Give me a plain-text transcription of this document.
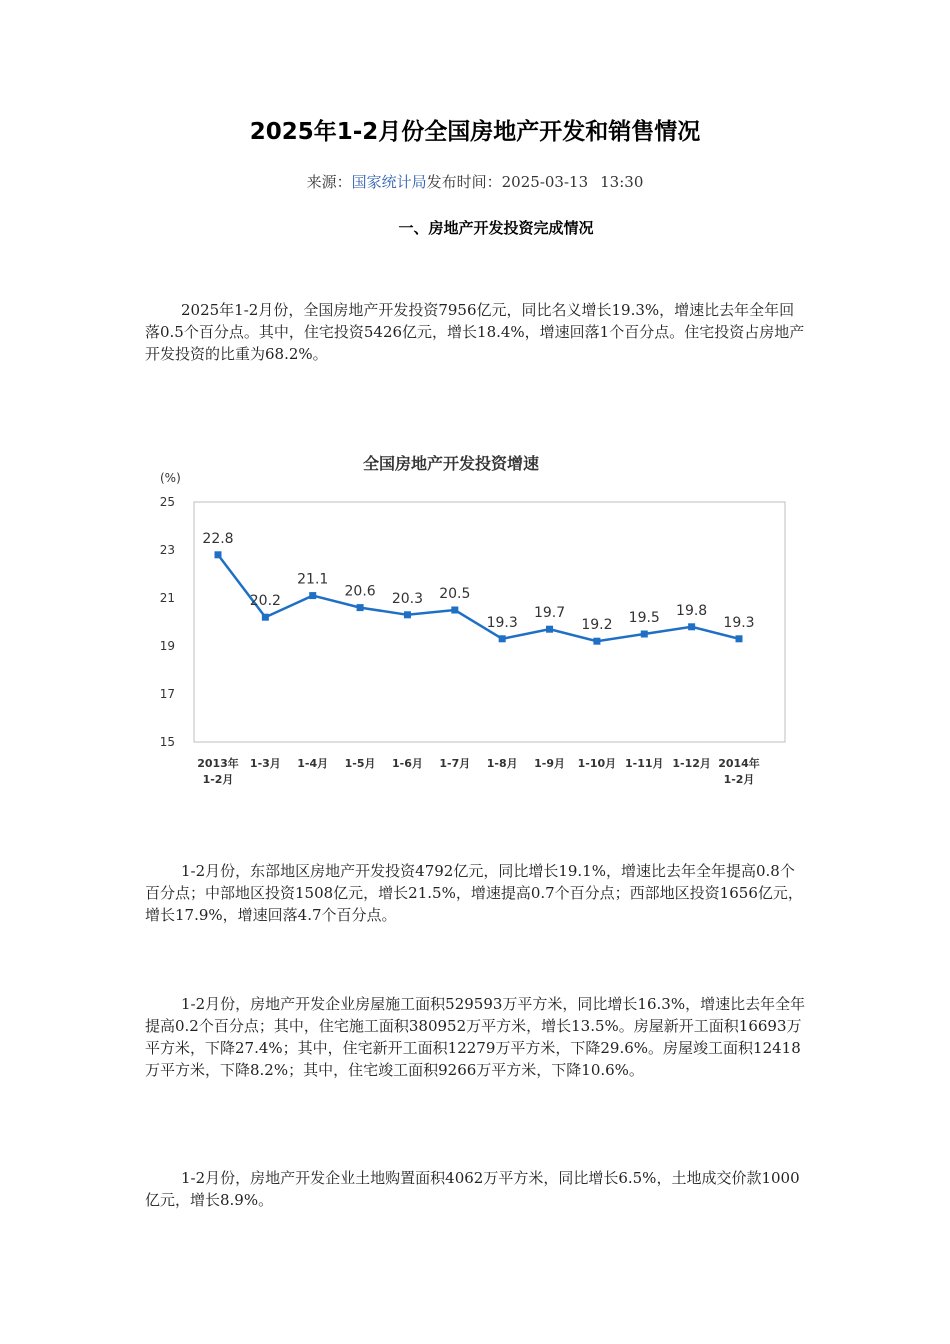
2025年1-2月份全国房地产开发和销售情况
来源：国家统计局发布时间：2025-03-13 13:30
一、房地产开发投资完成情况

2025年1-2月份，全国房地产开发投资7956亿元，同比名义增长19.3%，增速比去年全年回落0.5个百分点。其中，住宅投资5426亿元，增长18.4%，增速回落1个百分点。住宅投资占房地产开发投资的比重为68.2%。

全国房地产开发投资增速
(%)
15
17
19
21
23
25
2013年 1-2月
1-3月 1-4月 1-5月 1-6月 1-7月 1-8月 1-9月 1-10月 1-11月 1-12月 2014年 1-2月
22.8
20.2
21.1
20.6 20.3 20.5
19.3
19.7
19.2 19.5 19.8
19.3

1-2月份，东部地区房地产开发投资4792亿元，同比增长19.1%，增速比去年全年提高0.8个百分点；中部地区投资1508亿元，增长21.5%，增速提高0.7个百分点；西部地区投资1656亿元，增长17.9%，增速回落4.7个百分点。

1-2月份，房地产开发企业房屋施工面积529593万平方米，同比增长16.3%，增速比去年全年提高0.2个百分点；其中，住宅施工面积380952万平方米，增长13.5%。房屋新开工面积16693万平方米，下降27.4%；其中，住宅新开工面积12279万平方米，下降29.6%。房屋竣工面积12418万平方米，下降8.2%；其中，住宅竣工面积9266万平方米，下降10.6%。

1-2月份，房地产开发企业土地购置面积4062万平方米，同比增长6.5%，土地成交价款1000亿元，增长8.9%。
